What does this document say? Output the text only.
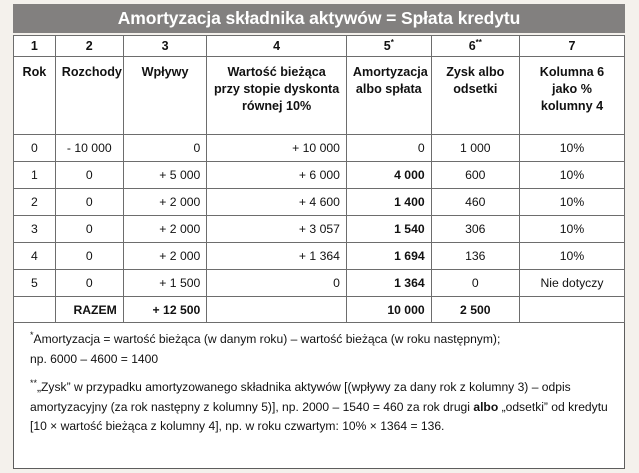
Amortyzacja składnika aktywów = Spłata kredytu
1	2	3	4	5*	6**	7
Rok	Rozchody	Wpływy	Wartość bieżąca przy stopie dyskonta równej 10%	Amortyzacja albo spłata	Zysk albo odsetki	Kolumna 6 jako % kolumny 4
0	- 10 000	0	+ 10 000	0	1 000	10%
1	0	+ 5 000	+ 6 000	4 000	600	10%
2	0	+ 2 000	+ 4 600	1 400	460	10%
3	0	+ 2 000	+ 3 057	1 540	306	10%
4	0	+ 2 000	+ 1 364	1 694	136	10%
5	0	+ 1 500	0	1 364	0	Nie dotyczy
	RAZEM	+ 12 500		10 000	2 500	
*Amortyzacja = wartość bieżąca (w danym roku) – wartość bieżąca (w roku następnym);
np. 6000 – 4600 = 1400
**„Zysk” w przypadku amortyzowanego składnika aktywów [(wpływy za dany rok z kolumny 3) – odpis amortyzacyjny (za rok następny z kolumny 5)], np. 2000 – 1540 = 460 za rok drugi albo „odsetki” od kredytu [10 × wartość bieżąca z kolumny 4], np. w roku czwartym: 10% × 1364 = 136.
